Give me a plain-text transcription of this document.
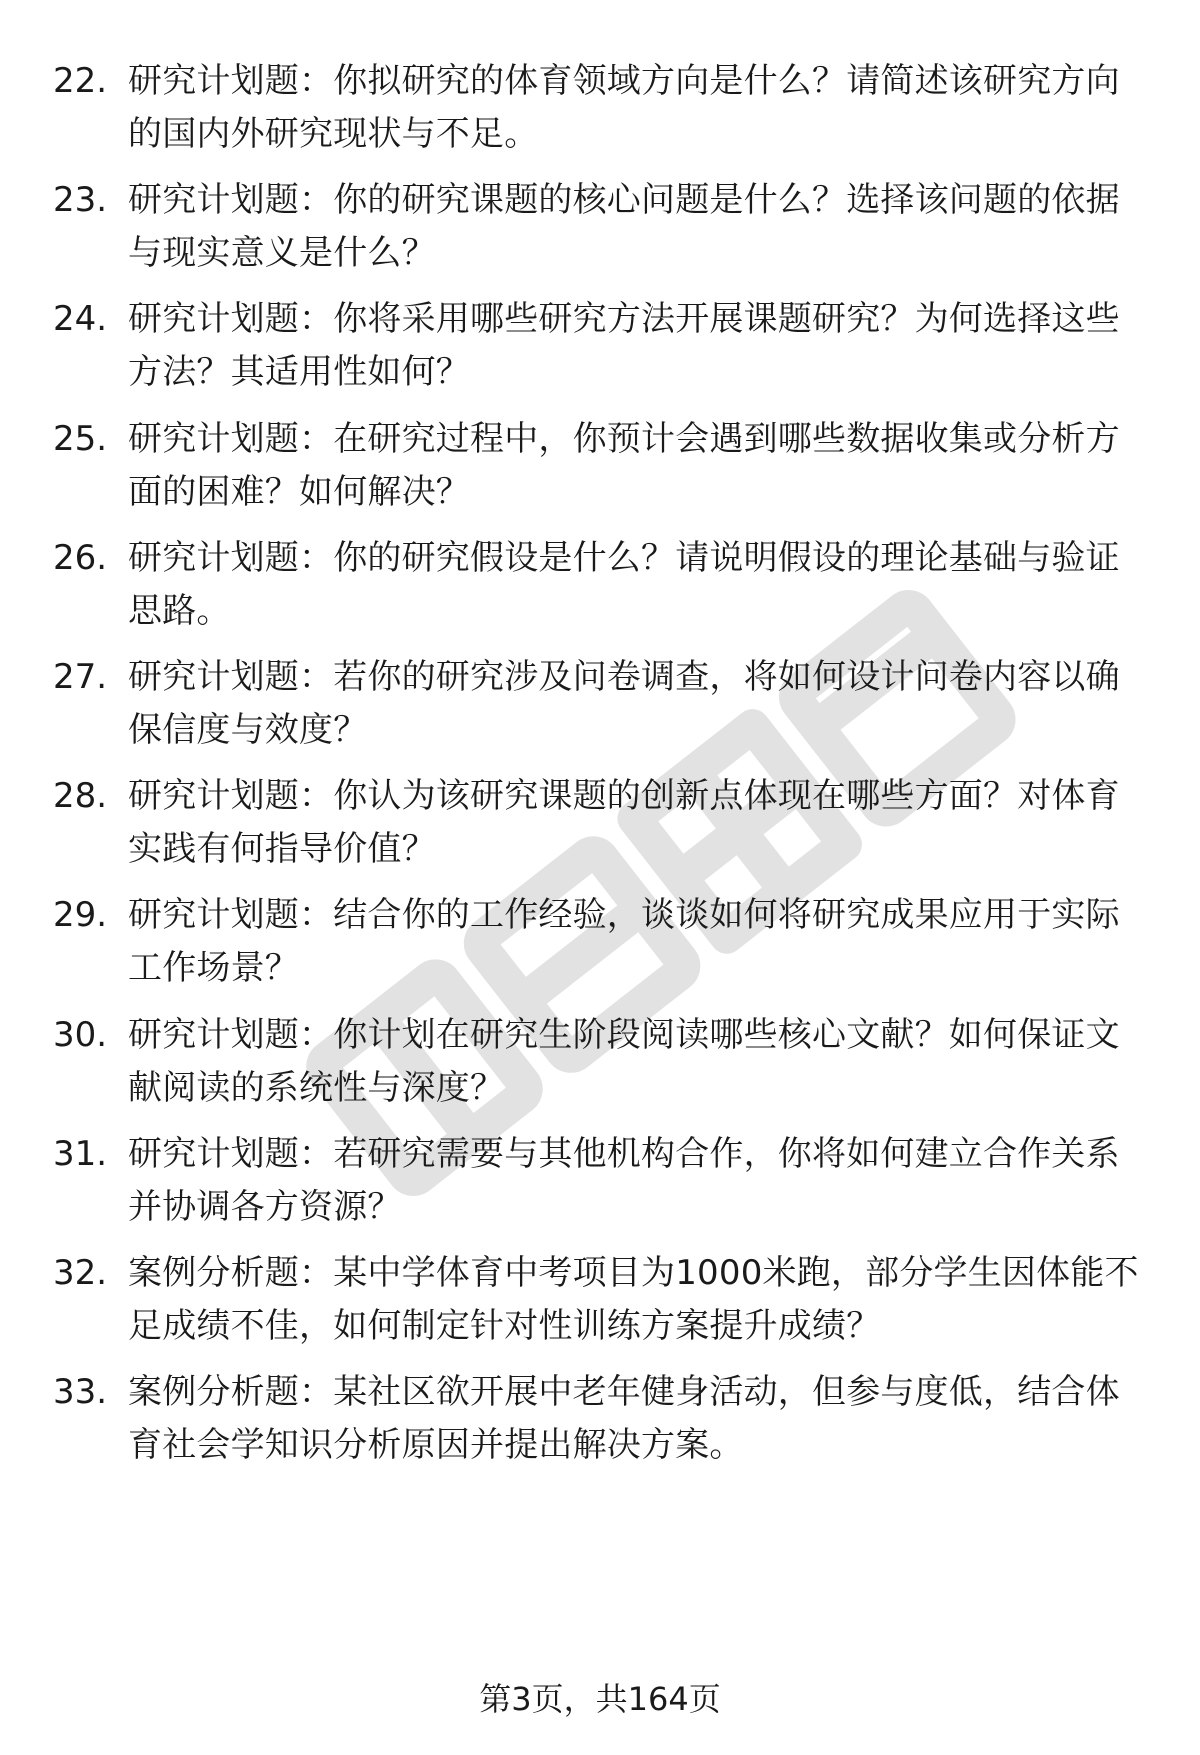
22. 研究计划题：你拟研究的体育领域方向是什么？请简述该研究方向的国内外研究现状与不足。
23. 研究计划题：你的研究课题的核心问题是什么？选择该问题的依据与现实意义是什么？
24. 研究计划题：你将采用哪些研究方法开展课题研究？为何选择这些方法？其适用性如何？
25. 研究计划题：在研究过程中，你预计会遇到哪些数据收集或分析方面的困难？如何解决？
26. 研究计划题：你的研究假设是什么？请说明假设的理论基础与验证思路。
27. 研究计划题：若你的研究涉及问卷调查，将如何设计问卷内容以确保信度与效度？
28. 研究计划题：你认为该研究课题的创新点体现在哪些方面？对体育实践有何指导价值？
29. 研究计划题：结合你的工作经验，谈谈如何将研究成果应用于实际工作场景？
30. 研究计划题：你计划在研究生阶段阅读哪些核心文献？如何保证文献阅读的系统性与深度？
31. 研究计划题：若研究需要与其他机构合作，你将如何建立合作关系并协调各方资源？
32. 案例分析题：某中学体育中考项目为1000米跑，部分学生因体能不足成绩不佳，如何制定针对性训练方案提升成绩？
33. 案例分析题：某社区欲开展中老年健身活动，但参与度低，结合体育社会学知识分析原因并提出解决方案。
第3页，共164页
